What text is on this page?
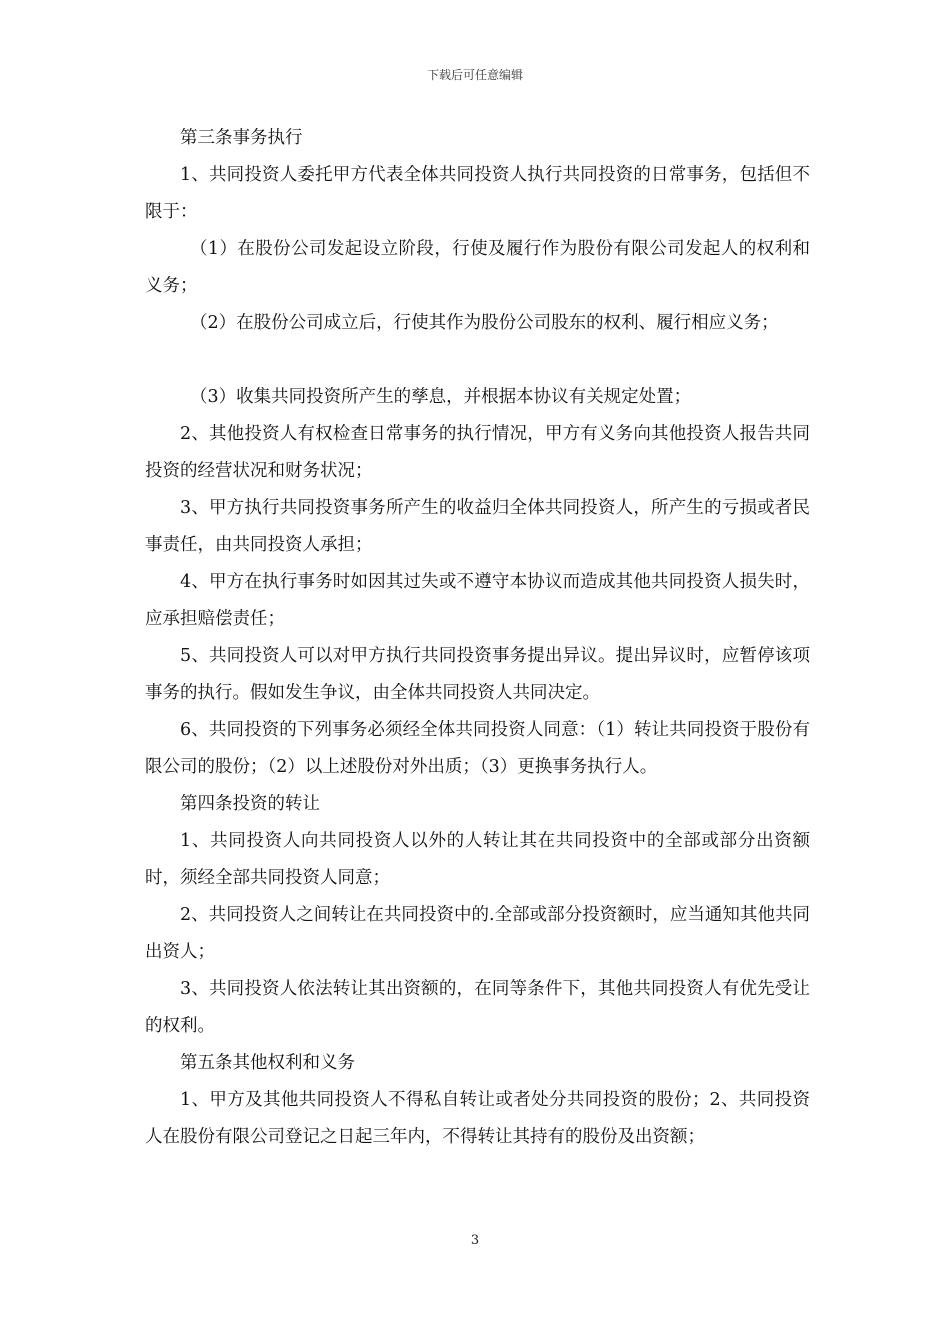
下载后可任意编辑

第三条事务执行

1、共同投资人委托甲方代表全体共同投资人执行共同投资的日常事务，包括但不限于：

（1）在股份公司发起设立阶段，行使及履行作为股份有限公司发起人的权利和义务；

（2）在股份公司成立后，行使其作为股份公司股东的权利、履行相应义务；

（3）收集共同投资所产生的孳息，并根据本协议有关规定处置；

2、其他投资人有权检查日常事务的执行情况，甲方有义务向其他投资人报告共同投资的经营状况和财务状况；

3、甲方执行共同投资事务所产生的收益归全体共同投资人，所产生的亏损或者民事责任，由共同投资人承担；

4、甲方在执行事务时如因其过失或不遵守本协议而造成其他共同投资人损失时，应承担赔偿责任；

5、共同投资人可以对甲方执行共同投资事务提出异议。提出异议时，应暂停该项事务的执行。假如发生争议，由全体共同投资人共同决定。

6、共同投资的下列事务必须经全体共同投资人同意：（1）转让共同投资于股份有限公司的股份；（2）以上述股份对外出质；（3）更换事务执行人。

第四条投资的转让

1、共同投资人向共同投资人以外的人转让其在共同投资中的全部或部分出资额时，须经全部共同投资人同意；

2、共同投资人之间转让在共同投资中的.全部或部分投资额时，应当通知其他共同出资人；

3、共同投资人依法转让其出资额的，在同等条件下，其他共同投资人有优先受让的权利。

第五条其他权利和义务

1、甲方及其他共同投资人不得私自转让或者处分共同投资的股份；2、共同投资人在股份有限公司登记之日起三年内，不得转让其持有的股份及出资额；

3
